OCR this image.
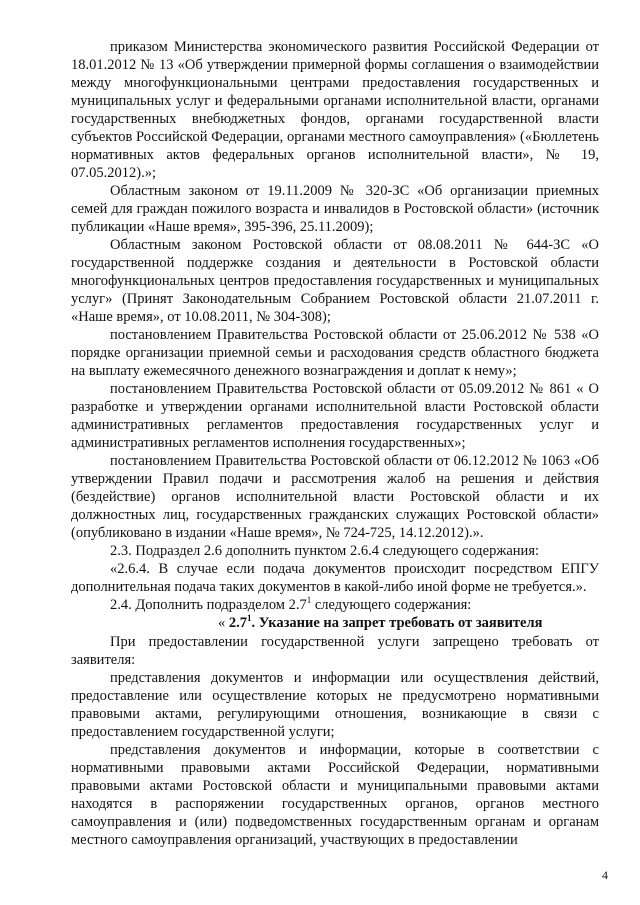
приказом Министерства экономического развития Российской Федерации от 18.01.2012 № 13 «Об утверждении примерной формы соглашения о взаимодействии между многофункциональными центрами предоставления государственных и муниципальных услуг и федеральными органами исполнительной власти, органами государственных внебюджетных фондов, органами государственной власти субъектов Российской Федерации, органами местного самоуправления» («Бюллетень нормативных актов федеральных органов исполнительной власти», № 19, 07.05.2012).»;

Областным законом от 19.11.2009 № 320-ЗС «Об организации приемных семей для граждан пожилого возраста и инвалидов в Ростовской области» (источник публикации «Наше время», 395-396, 25.11.2009);

Областным законом Ростовской области от 08.08.2011 № 644-ЗС «О государственной поддержке создания и деятельности в Ростовской области многофункциональных центров предоставления государственных и муниципальных услуг» (Принят Законодательным Собранием Ростовской области 21.07.2011 г. «Наше время», от 10.08.2011, № 304-308);

постановлением Правительства Ростовской области от 25.06.2012 № 538 «О порядке организации приемной семьи и расходования средств областного бюджета на выплату ежемесячного денежного вознаграждения и доплат к нему»;

постановлением Правительства Ростовской области от 05.09.2012 № 861 « О разработке и утверждении органами исполнительной власти Ростовской области административных регламентов предоставления государственных услуг и административных регламентов исполнения государственных»;

постановлением Правительства Ростовской области от 06.12.2012 № 1063 «Об утверждении Правил подачи и рассмотрения жалоб на решения и действия (бездействие) органов исполнительной власти Ростовской области и их должностных лиц, государственных гражданских служащих Ростовской области» (опубликовано в издании «Наше время», № 724-725, 14.12.2012).».

2.3. Подраздел 2.6 дополнить пунктом 2.6.4 следующего содержания:

«2.6.4. В случае если подача документов происходит посредством ЕПГУ дополнительная подача таких документов в какой-либо иной форме не требуется.».

2.4. Дополнить подразделом $2.7^1$ следующего содержания:

« $2.7^1$. Указание на запрет требовать от заявителя

При предоставлении государственной услуги запрещено требовать от заявителя:

представления документов и информации или осуществления действий, предоставление или осуществление которых не предусмотрено нормативными правовыми актами, регулирующими отношения, возникающие в связи с предоставлением государственной услуги;

представления документов и информации, которые в соответствии с нормативными правовыми актами Российской Федерации, нормативными правовыми актами Ростовской области и муниципальными правовыми актами находятся в распоряжении государственных органов, органов местного самоуправления и (или) подведомственных государственным органам и органам местного самоуправления организаций, участвующих в предоставлении

4
